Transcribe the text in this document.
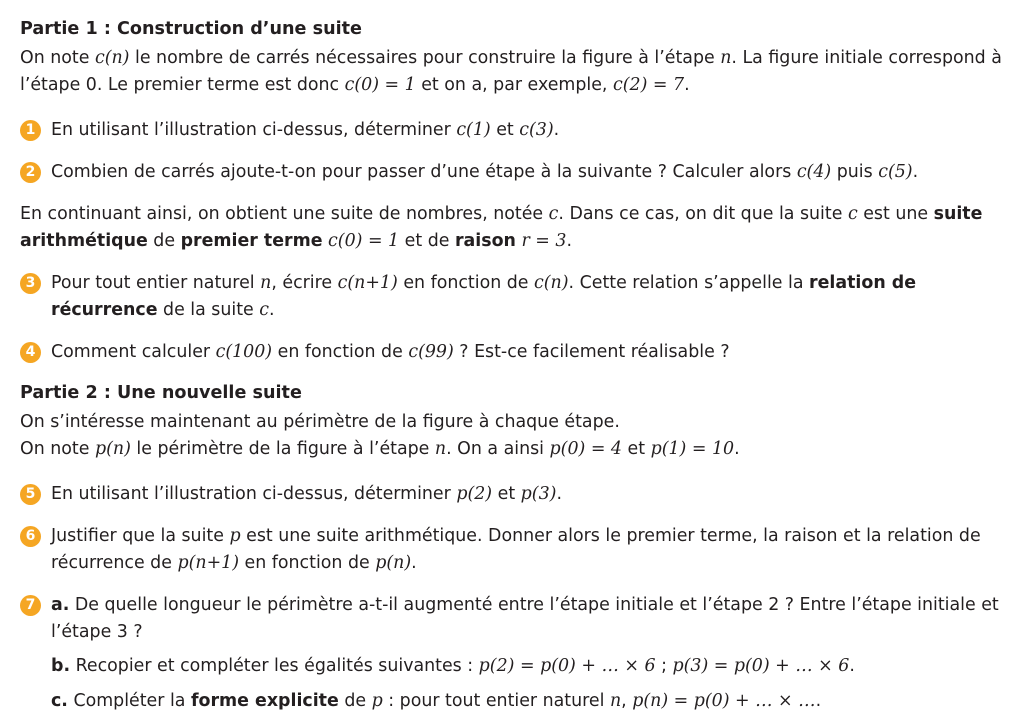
Partie 1 : Construction d’une suite

On note c(n) le nombre de carrés nécessaires pour construire la figure à l’étape n. La figure initiale correspond à l’étape 0. Le premier terme est donc c(0) = 1 et on a, par exemple, c(2) = 7.

1 En utilisant l’illustration ci-dessus, déterminer c(1) et c(3).
2 Combien de carrés ajoute-t-on pour passer d’une étape à la suivante ? Calculer alors c(4) puis c(5).

En continuant ainsi, on obtient une suite de nombres, notée c. Dans ce cas, on dit que la suite c est une suite arithmétique de premier terme c(0) = 1 et de raison r = 3.

3 Pour tout entier naturel n, écrire c(n+1) en fonction de c(n). Cette relation s’appelle la relation de récurrence de la suite c.
4 Comment calculer c(100) en fonction de c(99) ? Est-ce facilement réalisable ?

Partie 2 : Une nouvelle suite

On s’intéresse maintenant au périmètre de la figure à chaque étape.

On note p(n) le périmètre de la figure à l’étape n. On a ainsi p(0) = 4 et p(1) = 10.

5 En utilisant l’illustration ci-dessus, déterminer p(2) et p(3).
6 Justifier que la suite p est une suite arithmétique. Donner alors le premier terme, la raison et la relation de récurrence de p(n+1) en fonction de p(n).
7 a. De quelle longueur le périmètre a-t-il augmenté entre l’étape initiale et l’étape 2 ? Entre l’étape initiale et l’étape 3 ?
b. Recopier et compléter les égalités suivantes : p(2) = p(0) + … × 6 ; p(3) = p(0) + … × 6.
c. Compléter la forme explicite de p : pour tout entier naturel n, p(n) = p(0) + … × ….
